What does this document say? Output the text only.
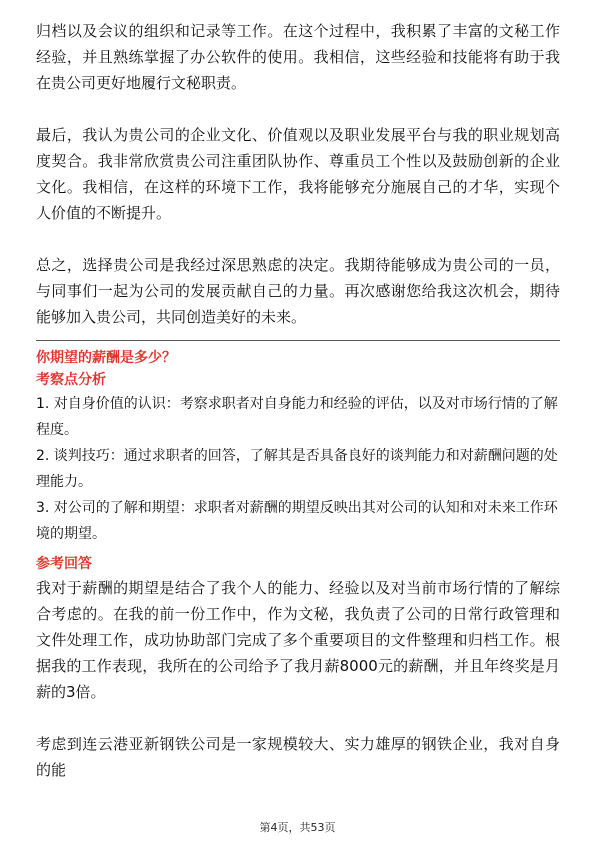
归档以及会议的组织和记录等工作。在这个过程中，我积累了丰富的文秘工作经验，并且熟练掌握了办公软件的使用。我相信，这些经验和技能将有助于我在贵公司更好地履行文秘职责。

最后，我认为贵公司的企业文化、价值观以及职业发展平台与我的职业规划高度契合。我非常欣赏贵公司注重团队协作、尊重员工个性以及鼓励创新的企业文化。我相信，在这样的环境下工作，我将能够充分施展自己的才华，实现个人价值的不断提升。

总之，选择贵公司是我经过深思熟虑的决定。我期待能够成为贵公司的一员，与同事们一起为公司的发展贡献自己的力量。再次感谢您给我这次机会，期待能够加入贵公司，共同创造美好的未来。

你期望的薪酬是多少？

考察点分析

1. 对自身价值的认识：考察求职者对自身能力和经验的评估，以及对市场行情的了解程度。

2. 谈判技巧：通过求职者的回答，了解其是否具备良好的谈判能力和对薪酬问题的处理能力。

3. 对公司的了解和期望：求职者对薪酬的期望反映出其对公司的认知和对未来工作环境的期望。

参考回答

我对于薪酬的期望是结合了我个人的能力、经验以及对当前市场行情的了解综合考虑的。在我的前一份工作中，作为文秘，我负责了公司的日常行政管理和文件处理工作，成功协助部门完成了多个重要项目的文件整理和归档工作。根据我的工作表现，我所在的公司给予了我月薪8000元的薪酬，并且年终奖是月薪的3倍。

考虑到连云港亚新钢铁公司是一家规模较大、实力雄厚的钢铁企业，我对自身的能

第4页，共53页
